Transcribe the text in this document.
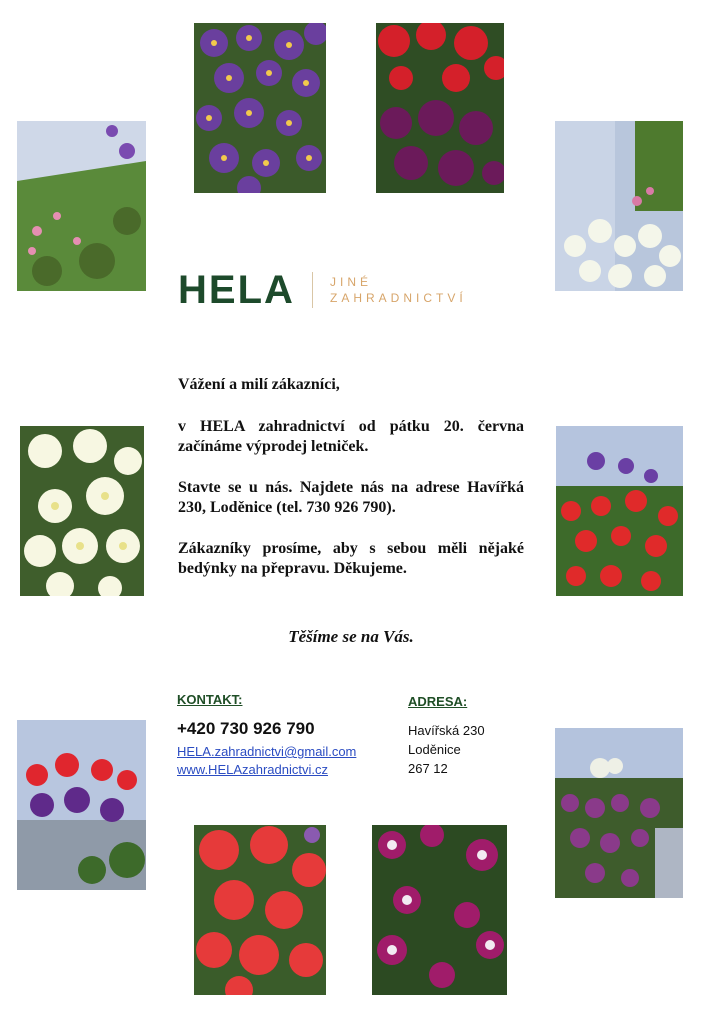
HELA	JINÉ
ZAHRADNICTVÍ

Vážení a milí zákazníci,

v HELA zahradnictví od pátku 20. června začínáme výprodej letniček.

Stavte se u nás. Najdete nás na adrese Havířká 230, Loděnice (tel. 730 926 790).

Zákazníky prosíme, aby s sebou měli nějaké bedýnky na přepravu. Děkujeme.

Těšíme se na Vás.
KONTAKT:
+420 730 926 790
HELA.zahradnictvi@gmail.com
www.HELAzahradnictvi.cz
ADRESA:
Havířská 230
Loděnice
267 12
